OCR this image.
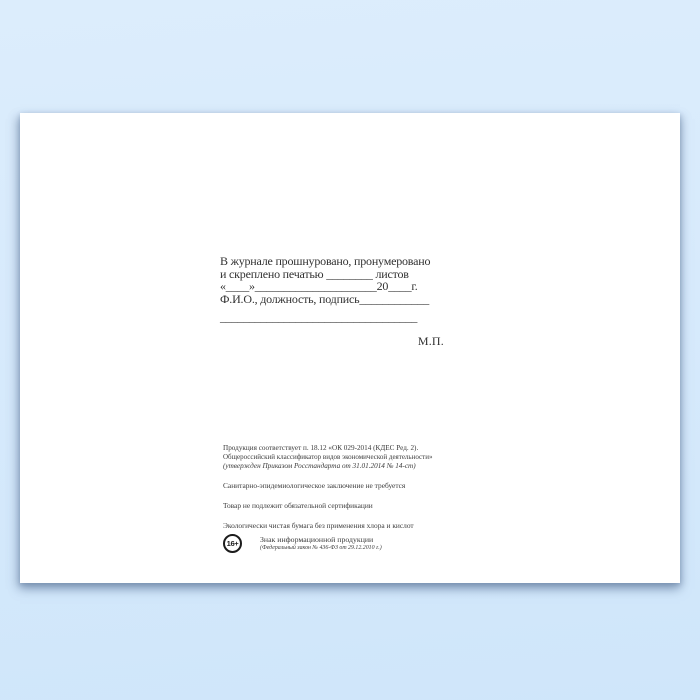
В журнале прошнуровано, пронумеровано
и скреплено печатью ________ листов
«____»_____________________20____г.
Ф.И.О., должность, подпись____________
__________________________________
М.П.
Продукция соответствует п. 18.12 «ОК 029-2014 (КДЕС Ред. 2).
Общероссийский классификатор видов экономической деятельности»
(утвержден Приказом Росстандарта от 31.01.2014 № 14-ст)
Санитарно-эпидемиологическое заключение не требуется
Товар не подлежит обязательной сертификации
Экологически чистая бумага без применения хлора и кислот
16+
Знак информационной продукции
(Федеральный закон № 436-ФЗ от 29.12.2010 г.)
